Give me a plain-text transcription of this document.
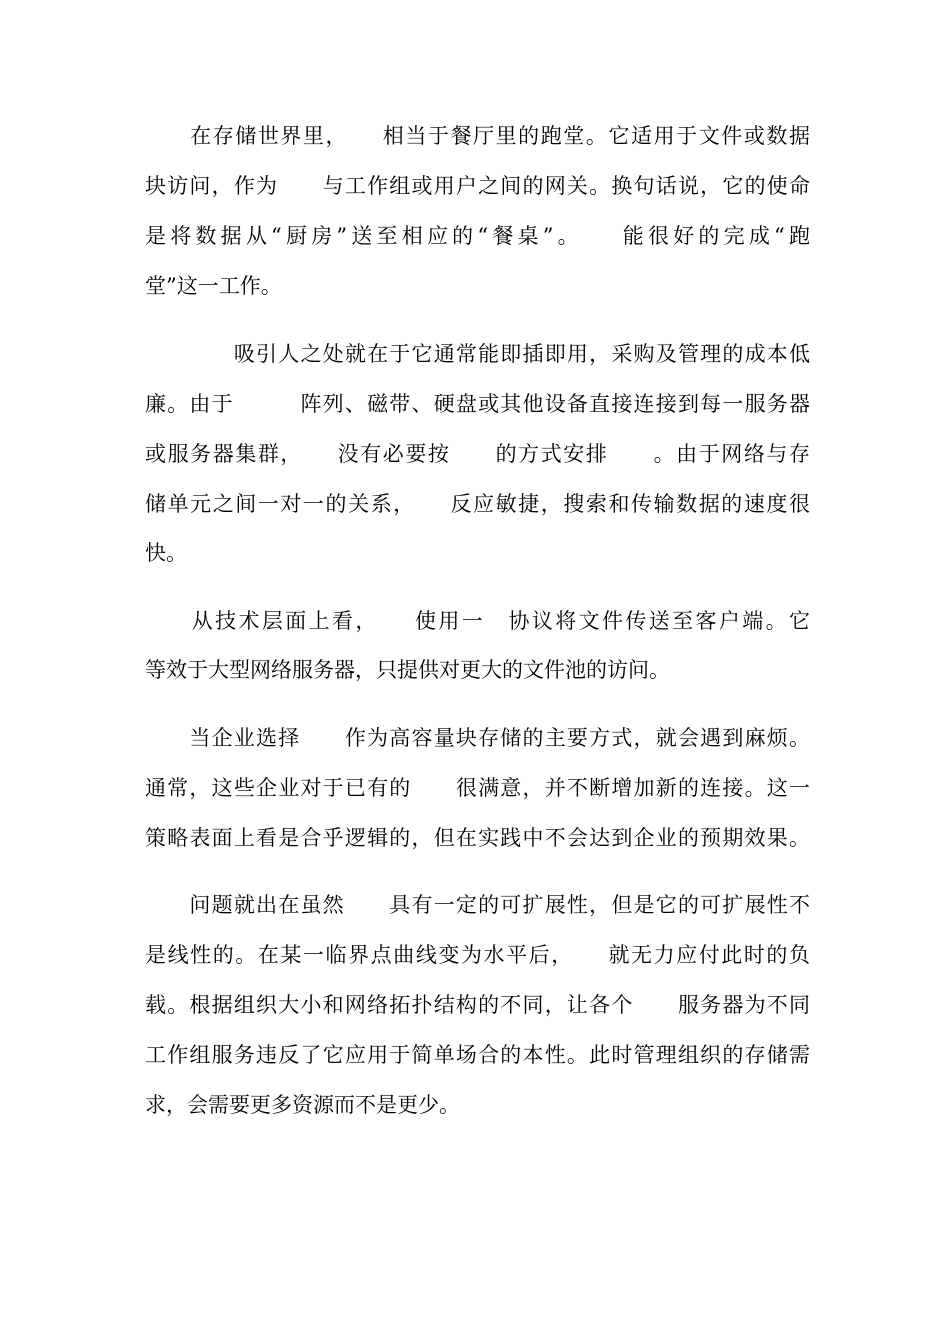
　　在存储世界里，　　相当于餐厅里的跑堂。它适用于文件或数据
块访问，作为　　与工作组或用户之间的网关。换句话说，它的使命
是将数据从“厨房”送至相应的“餐桌”。　　能很好的完成“跑
堂”这一工作。
　　　　吸引人之处就在于它通常能即插即用，采购及管理的成本低
廉。由于　　　阵列、磁带、硬盘或其他设备直接连接到每一服务器
或服务器集群，　　没有必要按　　的方式安排　　。由于网络与存
储单元之间一对一的关系，　　反应敏捷，搜索和传输数据的速度很
快。
　　从技术层面上看，　　使用一　协议将文件传送至客户端。它
等效于大型网络服务器，只提供对更大的文件池的访问。
　　当企业选择　　作为高容量块存储的主要方式，就会遇到麻烦。
通常，这些企业对于已有的　　很满意，并不断增加新的连接。这一
策略表面上看是合乎逻辑的，但在实践中不会达到企业的预期效果。
　　问题就出在虽然　　具有一定的可扩展性，但是它的可扩展性不
是线性的。在某一临界点曲线变为水平后，　　就无力应付此时的负
载。根据组织大小和网络拓扑结构的不同，让各个　　服务器为不同
工作组服务违反了它应用于简单场合的本性。此时管理组织的存储需
求，会需要更多资源而不是更少。
